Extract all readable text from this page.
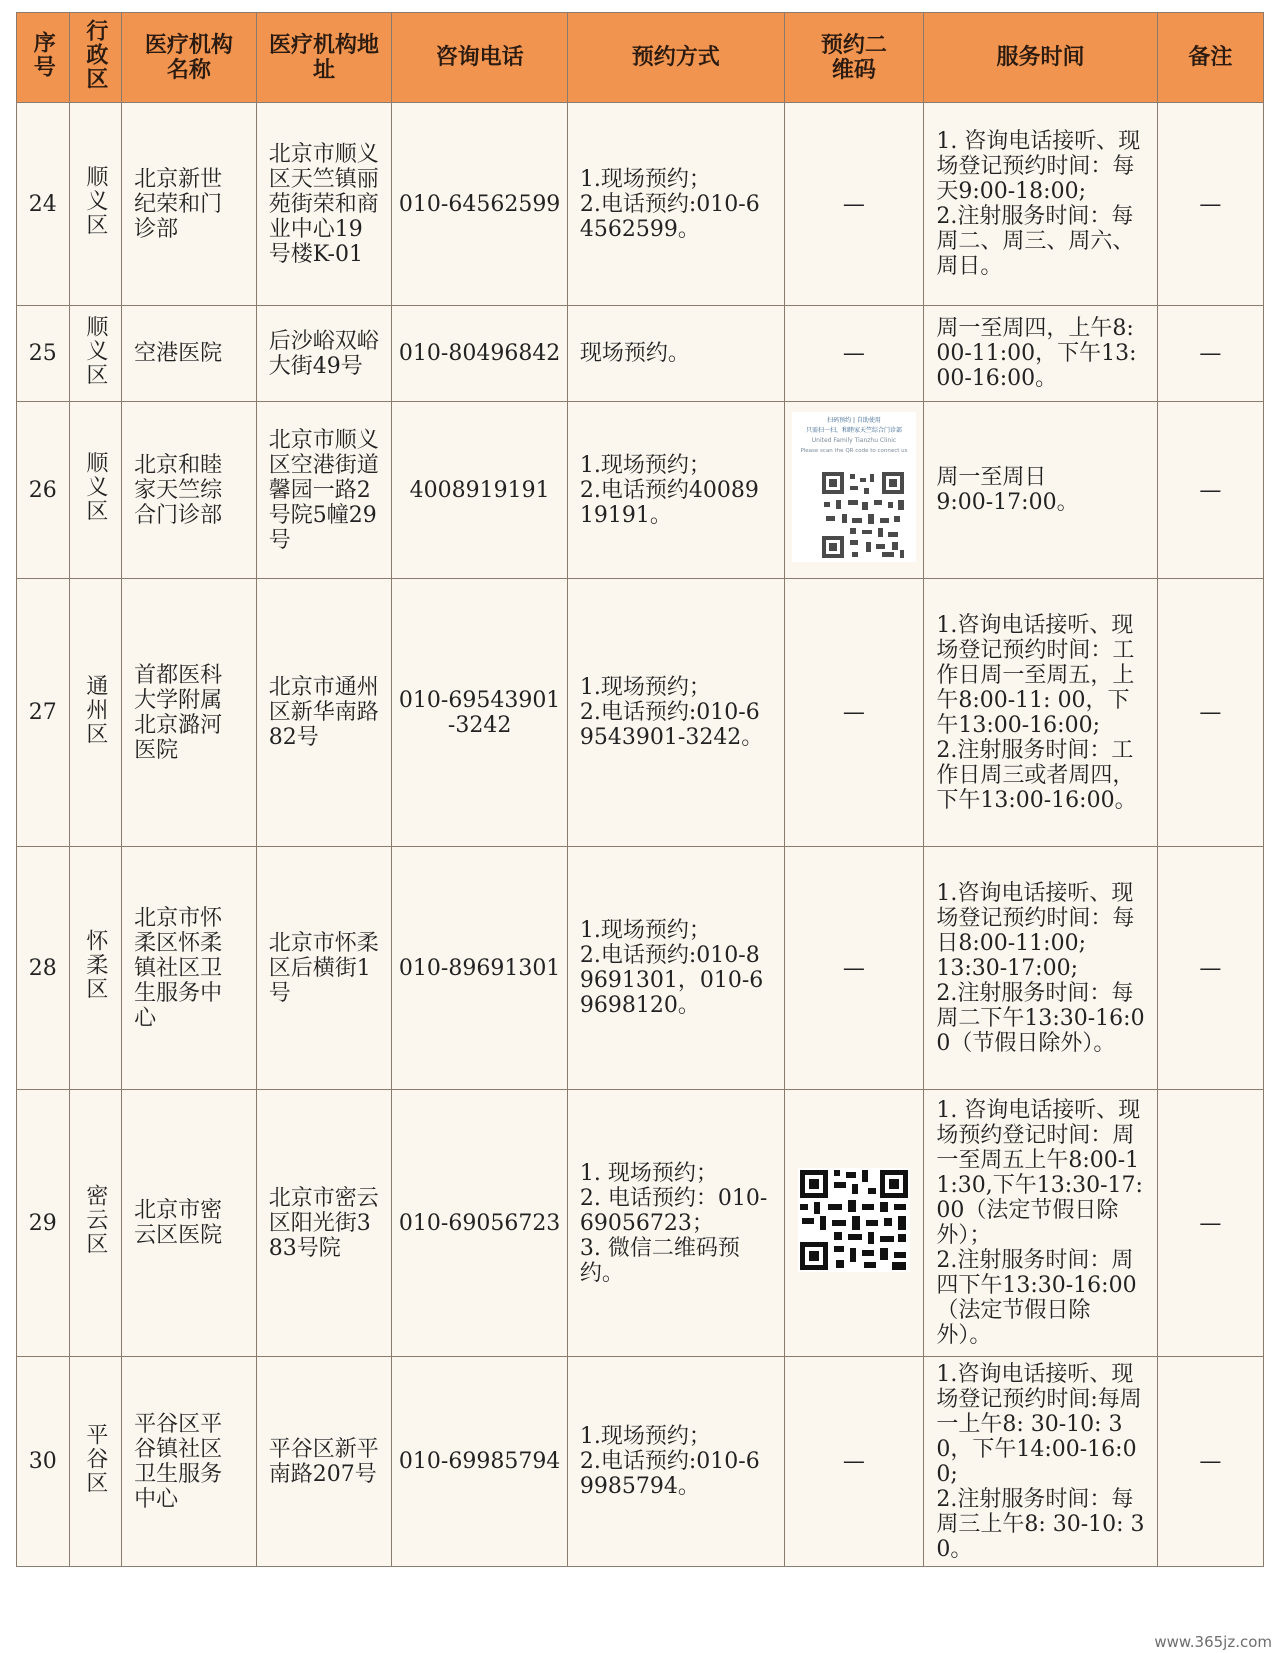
序号	行政区	医疗机构名称	医疗机构地址	咨询电话	预约方式	预约二维码	服务时间	备注
24	顺义区	北京新世纪荣和门诊部	北京市顺义区天竺镇丽苑街荣和商业中心19号楼K-01	010-64562599	1.现场预约；
2.电话预约:010-64562599。	—	1. 咨询电话接听、现场登记预约时间：每天9:00-18:00;
2.注射服务时间：每周二、周三、周六、周日。	—
25	顺义区	空港医院	后沙峪双峪大街49号	010-80496842	现场预约。	—	周一至周四，上午8:00-11:00，下午13:00-16:00。	—
26	顺义区	北京和睦家天竺综合门诊部	北京市顺义区空港街道馨园一路2号院5幢29号	4008919191	1.现场预约；
2.电话预约4008919191。	扫码预约 | 自助使用
只需扫一扫，和睦家天竺综合门诊部
United Family Tianzhu Clinic
Please scan the QR code to connect us	周一至周日
9:00-17:00。	—
27	通州区	首都医科大学附属北京潞河医院	北京市通州区新华南路82号	010-69543901
-3242	1.现场预约；
2.电话预约:010-69543901-3242。	—	1.咨询电话接听、现场登记预约时间：工作日周一至周五，上午8:00-11: 00，下午13:00-16:00;
2.注射服务时间：工作日周三或者周四，下午13:00-16:00。	—
28	怀柔区	北京市怀柔区怀柔镇社区卫生服务中心	北京市怀柔区后横街1号	010-89691301	1.现场预约；
2.电话预约:010-89691301，010-69698120。	—	1.咨询电话接听、现场登记预约时间：每日8:00-11:00;
13:30-17:00;
2.注射服务时间：每周二下午13:30-16:00（节假日除外）。	—
29	密云区	北京市密云区医院	北京市密云区阳光街383号院	010-69056723	1. 现场预约；
2. 电话预约：010-69056723；
3. 微信二维码预约。		1. 咨询电话接听、现场预约登记时间：周一至周五上午8:00-11:30,下午13:30-17:00（法定节假日除外）；
2.注射服务时间：周四下午13:30-16:00（法定节假日除外）。	—
30	平谷区	平谷区平谷镇社区卫生服务中心	平谷区新平南路207号	010-69985794	1.现场预约；
2.电话预约:010-69985794。	—	1.咨询电话接听、现场登记预约时间:每周一上午8: 30-10: 30，下午14:00-16:00;
2.注射服务时间：每周三上午8: 30-10: 30。	—
www.365jz.com
